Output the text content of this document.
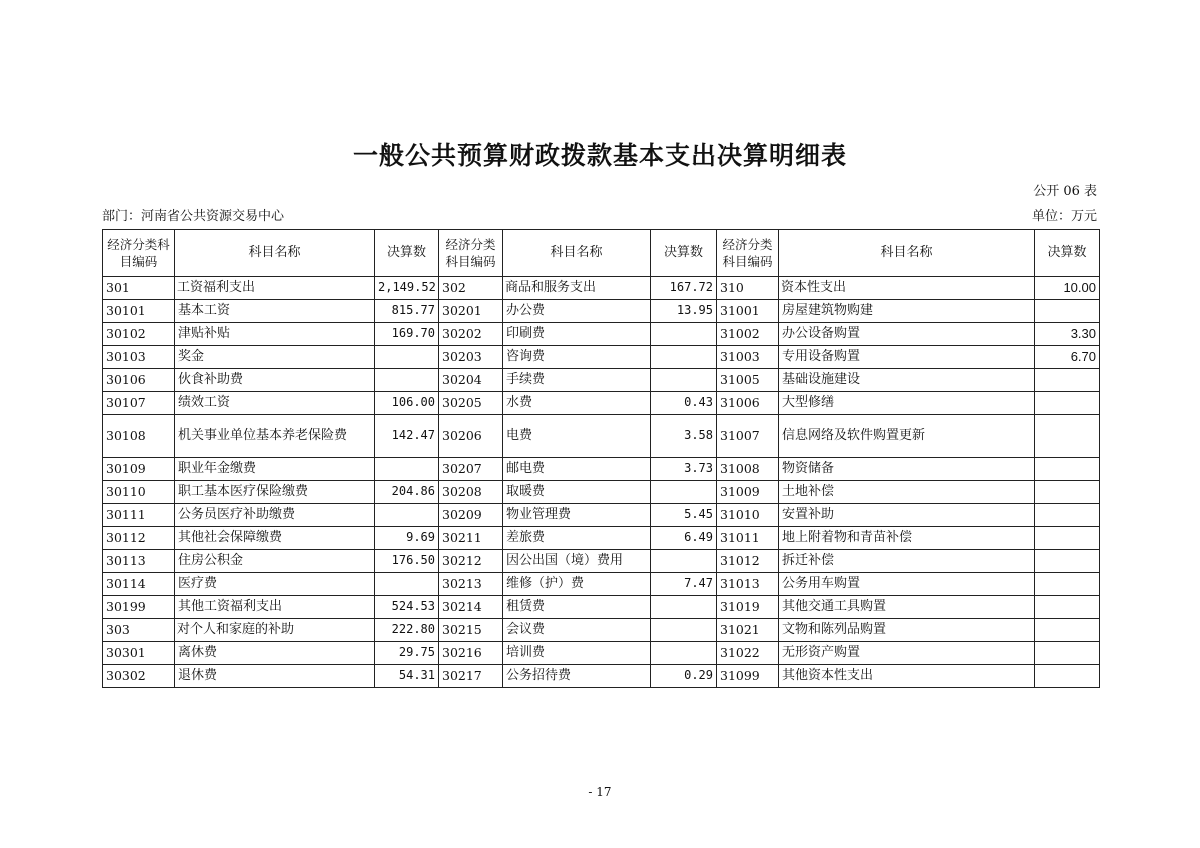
一般公共预算财政拨款基本支出决算明细表
公开 06 表
部门：河南省公共资源交易中心	单位：万元
经济分类科目编码	科目名称	决算数	经济分类科目编码	科目名称	决算数	经济分类科目编码	科目名称	决算数
301	工资福利支出	2,149.52	302	商品和服务支出	167.72	310	资本性支出	10.00
30101	基本工资	815.77	30201	办公费	13.95	31001	房屋建筑物购建	
30102	津贴补贴	169.70	30202	印刷费		31002	办公设备购置	3.30
30103	奖金		30203	咨询费		31003	专用设备购置	6.70
30106	伙食补助费		30204	手续费		31005	基础设施建设	
30107	绩效工资	106.00	30205	水费	0.43	31006	大型修缮	
30108	机关事业单位基本养老保险费	142.47	30206	电费	3.58	31007	信息网络及软件购置更新	
30109	职业年金缴费		30207	邮电费	3.73	31008	物资储备	
30110	职工基本医疗保险缴费	204.86	30208	取暖费		31009	土地补偿	
30111	公务员医疗补助缴费		30209	物业管理费	5.45	31010	安置补助	
30112	其他社会保障缴费	9.69	30211	差旅费	6.49	31011	地上附着物和青苗补偿	
30113	住房公积金	176.50	30212	因公出国（境）费用		31012	拆迁补偿	
30114	医疗费		30213	维修（护）费	7.47	31013	公务用车购置	
30199	其他工资福利支出	524.53	30214	租赁费		31019	其他交通工具购置	
303	对个人和家庭的补助	222.80	30215	会议费		31021	文物和陈列品购置	
30301	离休费	29.75	30216	培训费		31022	无形资产购置	
30302	退休费	54.31	30217	公务招待费	0.29	31099	其他资本性支出	
- 17
